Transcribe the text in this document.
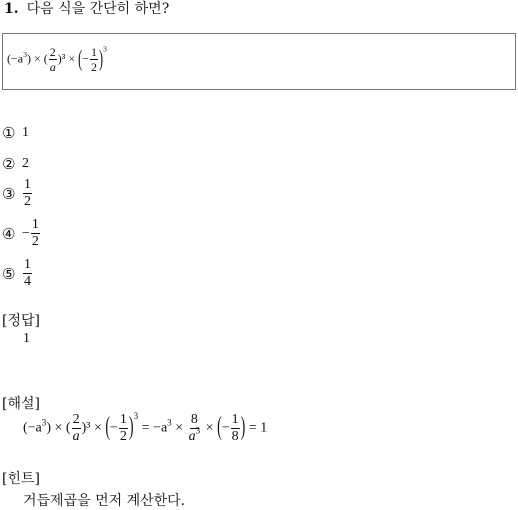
1. 다음 식을 간단히 하면?
$(-a^3)$ × ( $\frac{2}{a} )^3$ × (− $\frac{1}{2} )^3$
① 1
② 2
③ $\frac{1}{2}$
④ − $\frac{1}{2}$
⑤ $\frac{1}{4}$
[정답]
1
[해설]
$(-a^3)$ × ( $\frac{2}{a} )^3$ × (− $\frac{1}{2} )^3 = -a^3 \times \frac{8}{a^3}$ × (− $\frac{1}{8}$ ) = 1
[힌트]
거듭제곱을 먼저 계산한다.
